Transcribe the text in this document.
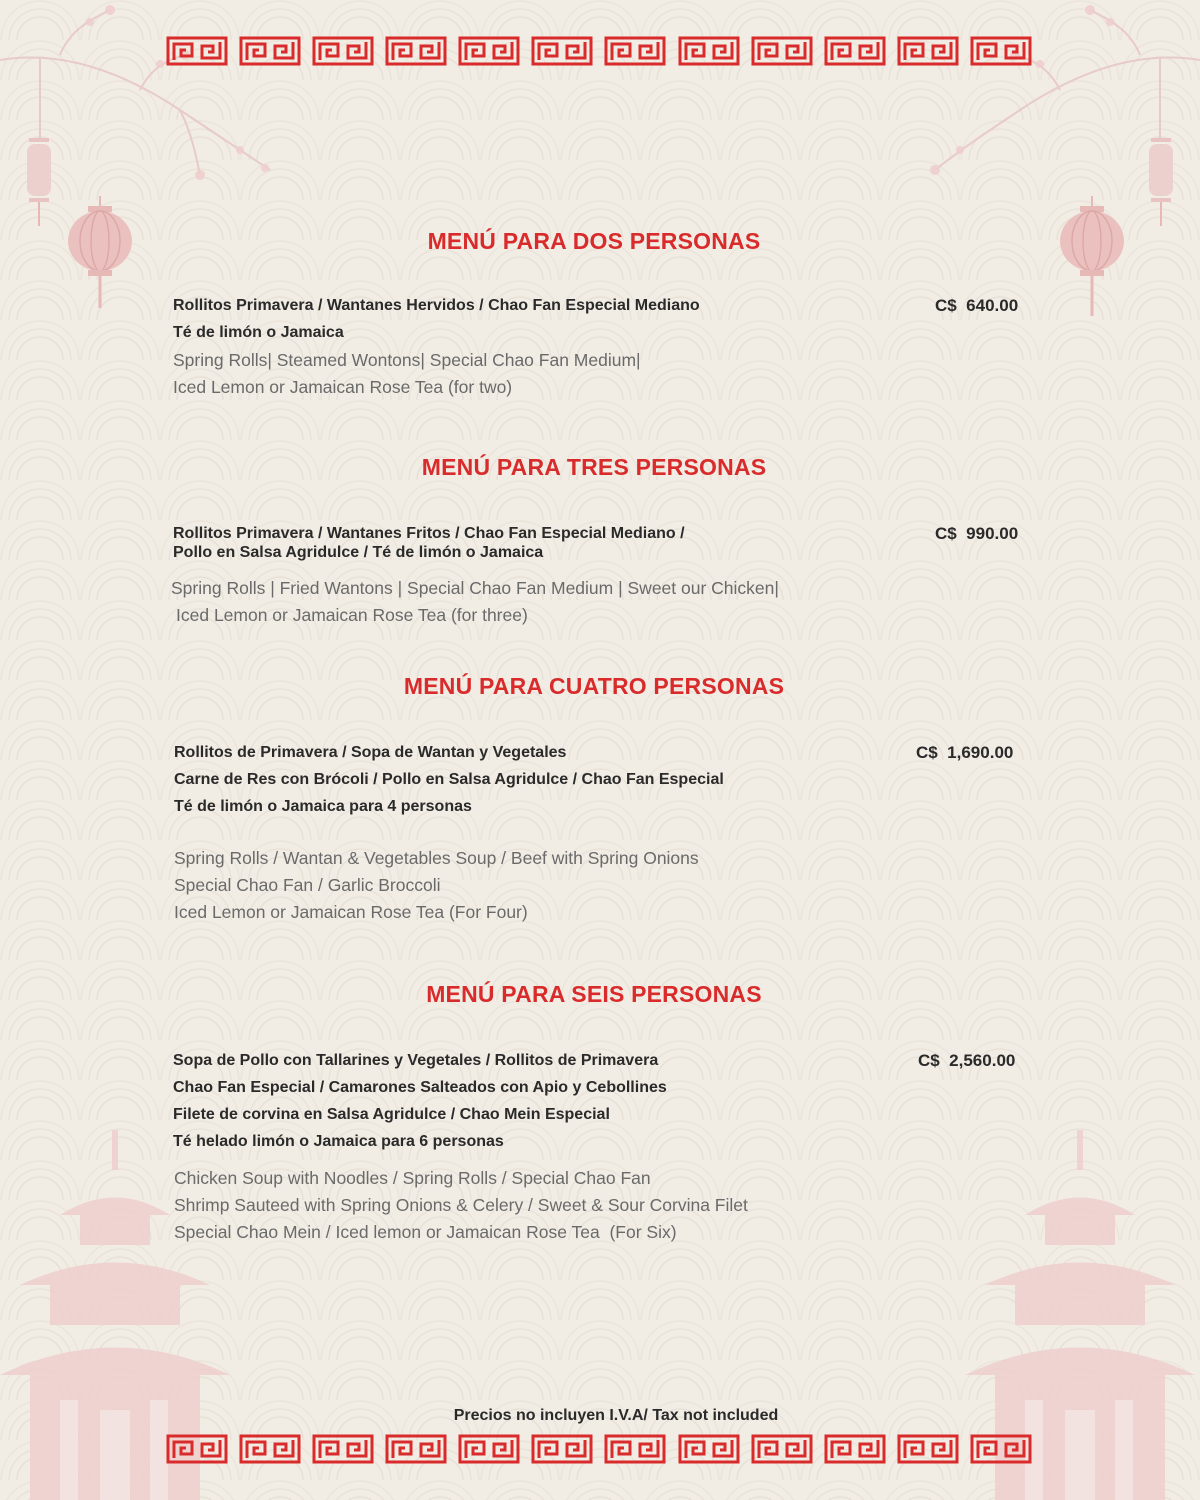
MENÚ PARA DOS PERSONAS
Rollitos Primavera / Wantanes Hervidos / Chao Fan Especial Mediano
Té de limón o Jamaica
Spring Rolls| Steamed Wontons| Special Chao Fan Medium|
Iced Lemon or Jamaican Rose Tea (for two)
C$  640.00
MENÚ PARA TRES PERSONAS
Rollitos Primavera / Wantanes Fritos / Chao Fan Especial Mediano /
Pollo en Salsa Agridulce / Té de limón o Jamaica
Spring Rolls | Fried Wantons | Special Chao Fan Medium | Sweet our Chicken|
Iced Lemon or Jamaican Rose Tea (for three)
C$  990.00
MENÚ PARA CUATRO PERSONAS
Rollitos de Primavera / Sopa de Wantan y Vegetales
Carne de Res con Brócoli / Pollo en Salsa Agridulce / Chao Fan Especial
Té de limón o Jamaica para 4 personas
Spring Rolls / Wantan & Vegetables Soup / Beef with Spring Onions
Special Chao Fan / Garlic Broccoli
Iced Lemon or Jamaican Rose Tea (For Four)
C$  1,690.00
MENÚ PARA SEIS PERSONAS
Sopa de Pollo con Tallarines y Vegetales / Rollitos de Primavera
Chao Fan Especial / Camarones Salteados con Apio y Cebollines
Filete de corvina en Salsa Agridulce / Chao Mein Especial
Té helado limón o Jamaica para 6 personas
Chicken Soup with Noodles / Spring Rolls / Special Chao Fan
Shrimp Sauteed with Spring Onions & Celery / Sweet & Sour Corvina Filet
Special Chao Mein / Iced lemon or Jamaican Rose Tea  (For Six)
C$  2,560.00
Precios no incluyen I.V.A/ Tax not included
